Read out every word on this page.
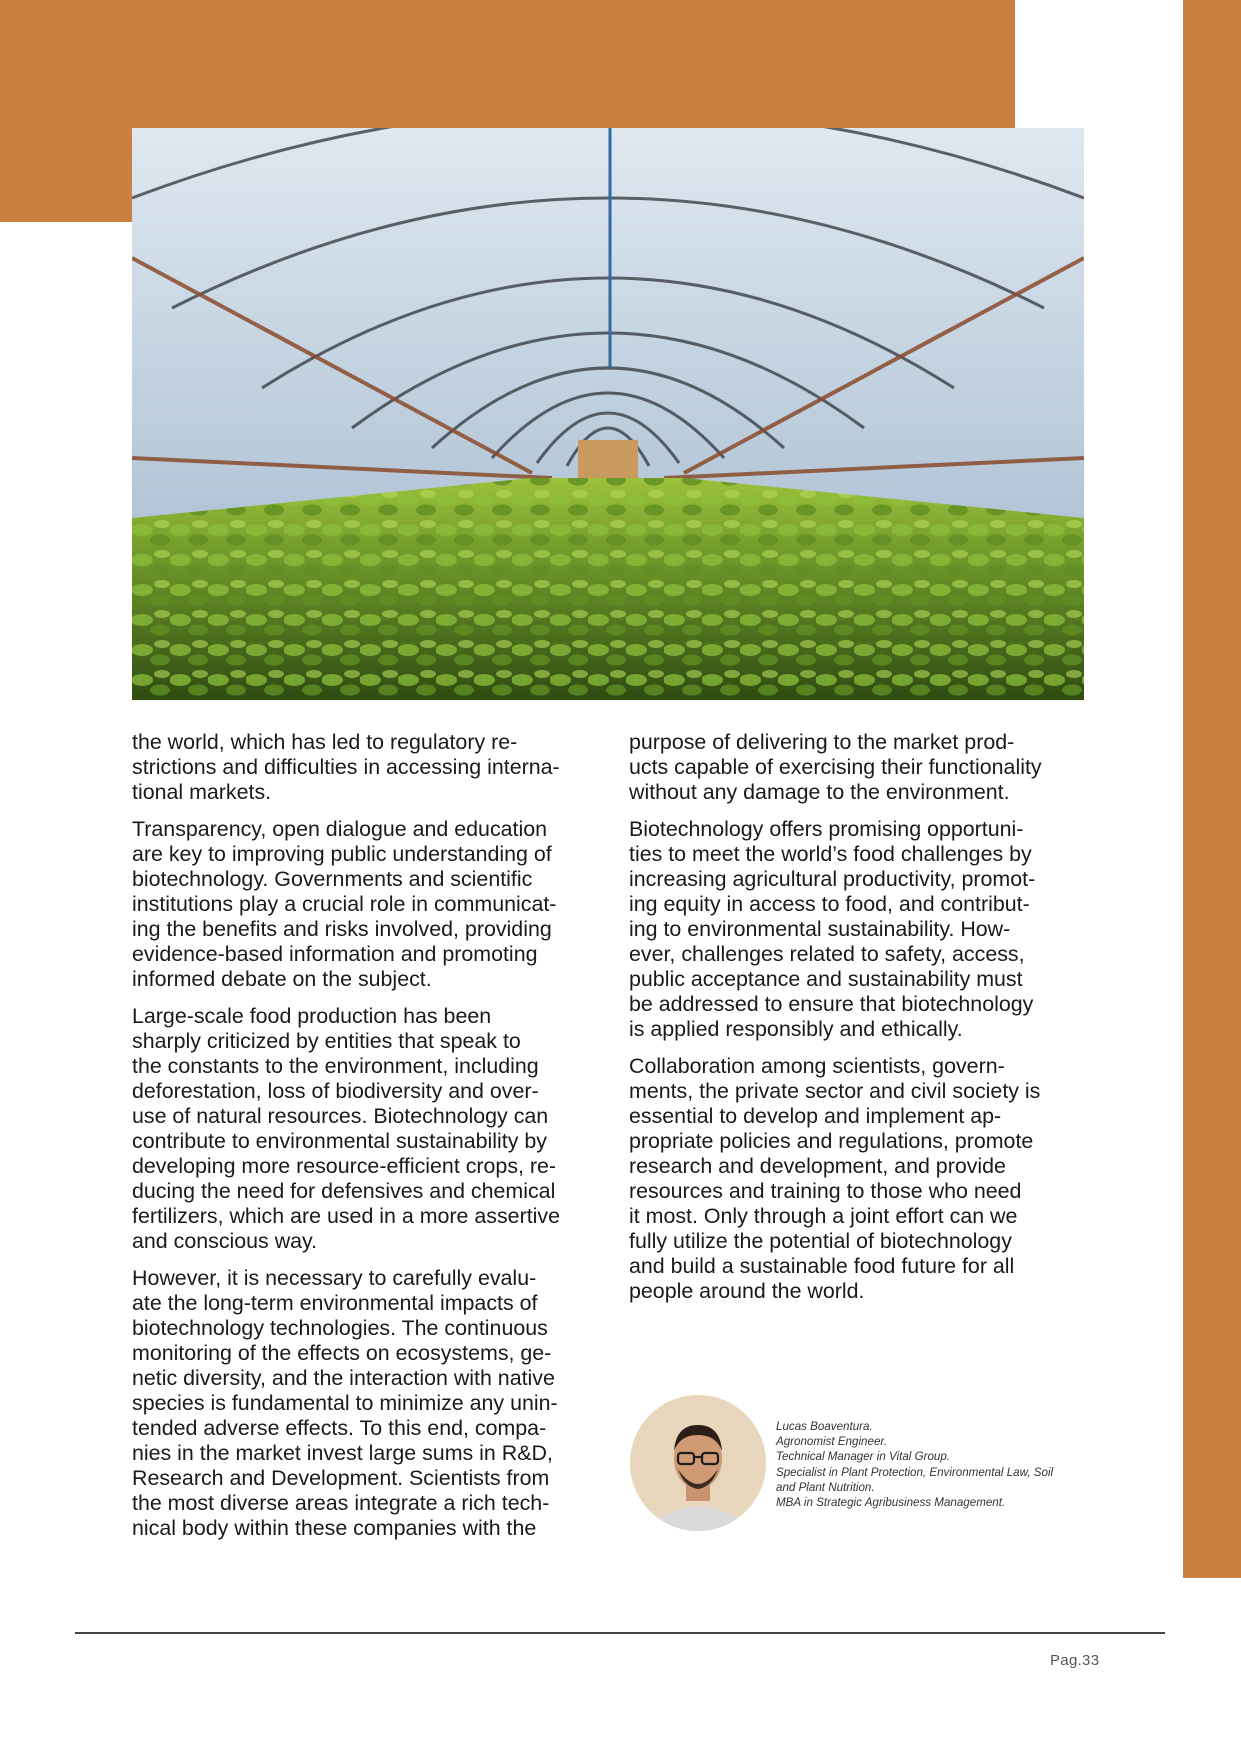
the world, which has led to regulatory re-
strictions and difficulties in accessing interna-
tional markets.

Transparency, open dialogue and education
are key to improving public understanding of
biotechnology. Governments and scientific
institutions play a crucial role in communicat-
ing the benefits and risks involved, providing
evidence-based information and promoting
informed debate on the subject.

Large-scale food production has been
sharply criticized by entities that speak to
the constants to the environment, including
deforestation, loss of biodiversity and over-
use of natural resources. Biotechnology can
contribute to environmental sustainability by
developing more resource-efficient crops, re-
ducing the need for defensives and chemical
fertilizers, which are used in a more assertive
and conscious way.

However, it is necessary to carefully evalu-
ate the long-term environmental impacts of
biotechnology technologies. The continuous
monitoring of the effects on ecosystems, ge-
netic diversity, and the interaction with native
species is fundamental to minimize any unin-
tended adverse effects. To this end, compa-
nies in the market invest large sums in R&D,
Research and Development. Scientists from
the most diverse areas integrate a rich tech-
nical body within these companies with the

purpose of delivering to the market prod-
ucts capable of exercising their functionality
without any damage to the environment.

Biotechnology offers promising opportuni-
ties to meet the world’s food challenges by
increasing agricultural productivity, promot-
ing equity in access to food, and contribut-
ing to environmental sustainability. How-
ever, challenges related to safety, access,
public acceptance and sustainability must
be addressed to ensure that biotechnology
is applied responsibly and ethically.

Collaboration among scientists, govern-
ments, the private sector and civil society is
essential to develop and implement ap-
propriate policies and regulations, promote
research and development, and provide
resources and training to those who need
it most. Only through a joint effort can we
fully utilize the potential of biotechnology
and build a sustainable food future for all
people around the world.

Lucas Boaventura.
Agronomist Engineer.
Technical Manager in Vital Group.
Specialist in Plant Protection, Environmental Law, Soil
and Plant Nutrition.
MBA in Strategic Agribusiness Management.
Pag.33
